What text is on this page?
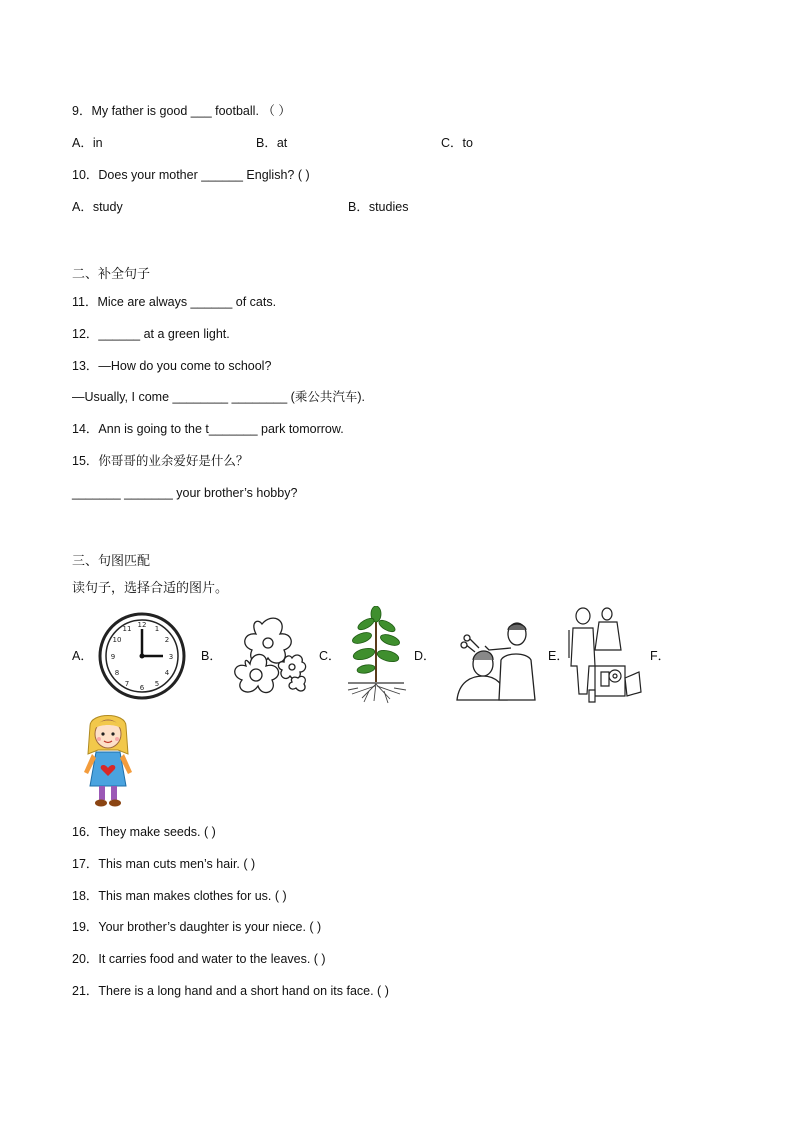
9．My father is good ___ football. （ ）
A．in	B．at	C．to
10．Does your mother ______ English? ( )
A．study	B．studies
二、补全句子
11．Mice are always ______ of cats.
12．______ at a green light.
13．—How do you come to school?
—Usually, I come ________ ________ (乘公共汽车).
14．Ann is going to the t_______ park tomorrow.
15．你哥哥的业余爱好是什么？
_______ _______ your brother’s hobby?
三、句图匹配
读句子，选择合适的图片。
A．	B．	C．	D．	E．	F．
12 1
2
3
4
5
6
7
8
9
10
11
16．They make seeds. ( )
17．This man cuts men’s hair. ( )
18．This man makes clothes for us. ( )
19．Your brother’s daughter is your niece. ( )
20．It carries food and water to the leaves. ( )
21．There is a long hand and a short hand on its face. ( )
